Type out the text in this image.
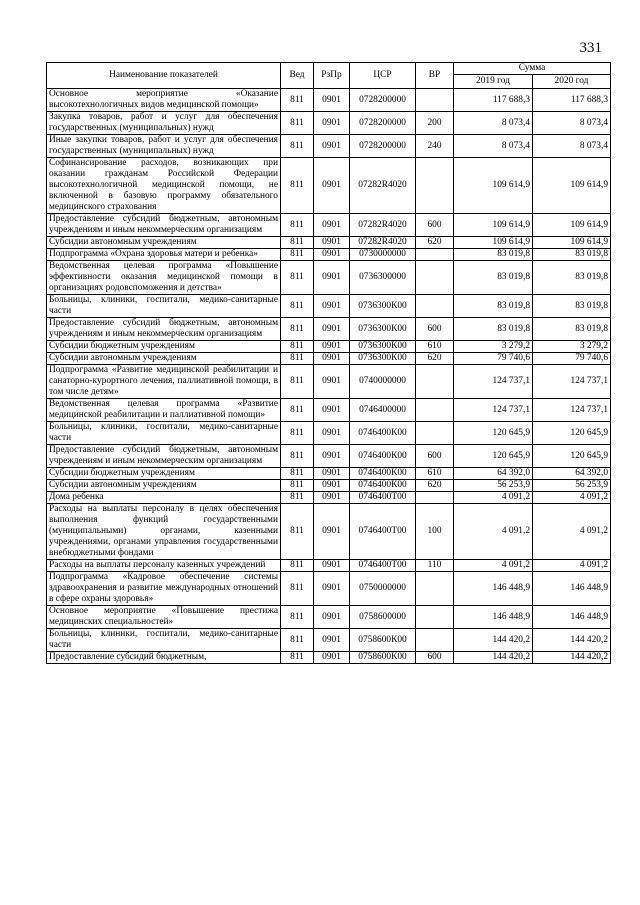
331
Наименование показателей	Вед	РзПр	ЦСР	ВР	Сумма	
					2019 год	2020 год
Основное мероприятие «Оказание высокотехнологичных видов медицинской помощи»	811	0901	0728200000		117 688,3	117 688,3
Закупка товаров, работ и услуг для обеспечения государственных (муниципальных) нужд	811	0901	0728200000	200	8 073,4	8 073,4
Иные закупки товаров, работ и услуг для обеспечения государственных (муниципальных) нужд	811	0901	0728200000	240	8 073,4	8 073,4
Софинансирование расходов, возникающих при оказании гражданам Российской Федерации высокотехнологичной медицинской помощи, не включенной в базовую программу обязательного медицинского страхования	811	0901	07282R4020		109 614,9	109 614,9
Предоставление субсидий бюджетным, автономным учреждениям и иным некоммерческим организациям	811	0901	07282R4020	600	109 614,9	109 614,9
Субсидии автономным учреждениям	811	0901	07282R4020	620	109 614,9	109 614,9
Подпрограмма «Охрана здоровья матери и ребенка»	811	0901	0730000000		83 019,8	83 019,8
Ведомственная целевая программа «Повышение эффективности оказания медицинской помощи в организациях родовспоможения и детства»	811	0901	0736300000		83 019,8	83 019,8
Больницы, клиники, госпитали, медико-санитарные части	811	0901	0736300К00		83 019,8	83 019,8
Предоставление субсидий бюджетным, автономным учреждениям и иным некоммерческим организациям	811	0901	0736300К00	600	83 019,8	83 019,8
Субсидии бюджетным учреждениям	811	0901	0736300К00	610	3 279,2	3 279,2
Субсидии автономным учреждениям	811	0901	0736300К00	620	79 740,6	79 740,6
Подпрограмма «Развитие медицинской реабилитации и санаторно-курортного лечения, паллиативной помощи, в том числе детям»	811	0901	0740000000		124 737,1	124 737,1
Ведомственная целевая программа «Развитие медицинской реабилитации и паллиативной помощи»	811	0901	0746400000		124 737,1	124 737,1
Больницы, клиники, госпитали, медико-санитарные части	811	0901	0746400К00		120 645,9	120 645,9
Предоставление субсидий бюджетным, автономным учреждениям и иным некоммерческим организациям	811	0901	0746400К00	600	120 645,9	120 645,9
Субсидии бюджетным учреждениям	811	0901	0746400К00	610	64 392,0	64 392,0
Субсидии автономным учреждениям	811	0901	0746400К00	620	56 253,9	56 253,9
Дома ребенка	811	0901	0746400Т00		4 091,2	4 091,2
Расходы на выплаты персоналу в целях обеспечения выполнения функций государственными (муниципальными) органами, казенными учреждениями, органами управления государственными внебюджетными фондами	811	0901	0746400Т00	100	4 091,2	4 091,2
Расходы на выплаты персоналу казенных учреждений	811	0901	0746400Т00	110	4 091,2	4 091,2
Подпрограмма «Кадровое обеспечение системы здравоохранения и развитие международных отношений в сфере охраны здоровья»	811	0901	0750000000		146 448,9	146 448,9
Основное мероприятие «Повышение престижа медицинских специальностей»	811	0901	0758600000		146 448,9	146 448,9
Больницы, клиники, госпитали, медико-санитарные части	811	0901	0758600К00		144 420,2	144 420,2
Предоставление субсидий бюджетным,	811	0901	0758600К00	600	144 420,2	144 420,2
